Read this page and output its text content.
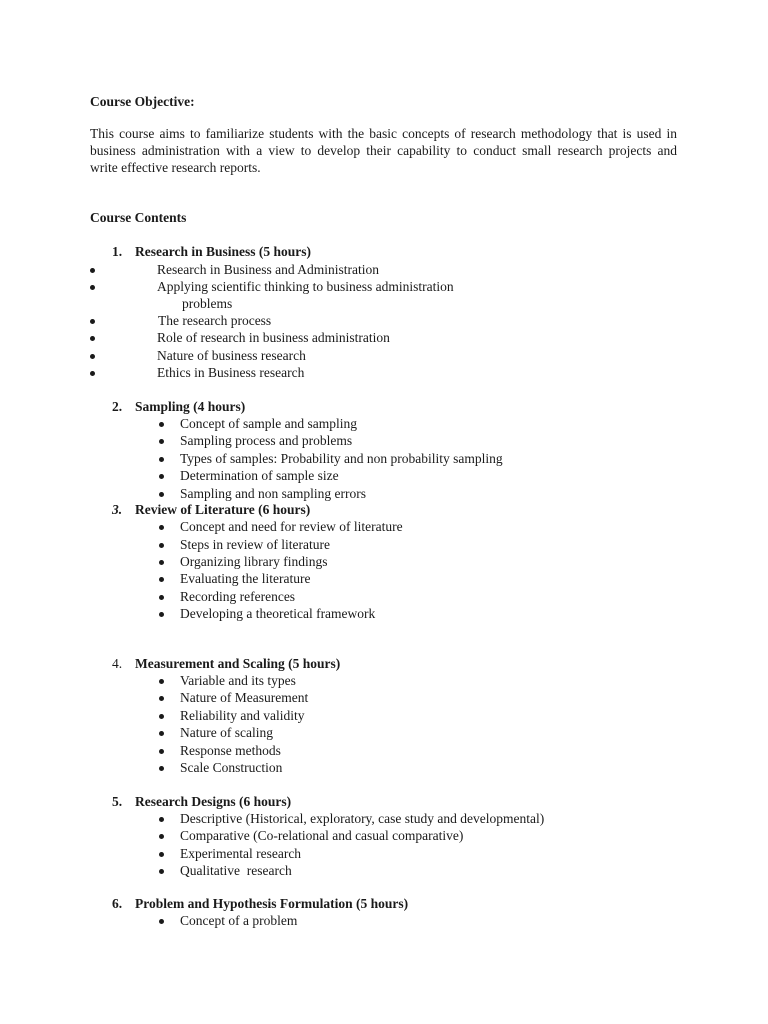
Course Objective:
This course aims to familiarize students with the basic concepts of research methodology that is used in
business administration with a view to develop their capability to conduct small research projects and
write effective research reports.
Course Contents
1. Research in Business (5 hours)
Research in Business and Administration
Applying scientific thinking to business administration
problems
The research process
Role of research in business administration
Nature of business research
Ethics in Business research
2. Sampling (4 hours)
Concept of sample and sampling
Sampling process and problems
Types of samples: Probability and non probability sampling
Determination of sample size
Sampling and non sampling errors
3. Review of Literature (6 hours)
Concept and need for review of literature
Steps in review of literature
Organizing library findings
Evaluating the literature
Recording references
Developing a theoretical framework
4. Measurement and Scaling (5 hours)
Variable and its types
Nature of Measurement
Reliability and validity
Nature of scaling
Response methods
Scale Construction
5. Research Designs (6 hours)
Descriptive (Historical, exploratory, case study and developmental)
Comparative (Co-relational and casual comparative)
Experimental research
Qualitative  research
6. Problem and Hypothesis Formulation (5 hours)
Concept of a problem
